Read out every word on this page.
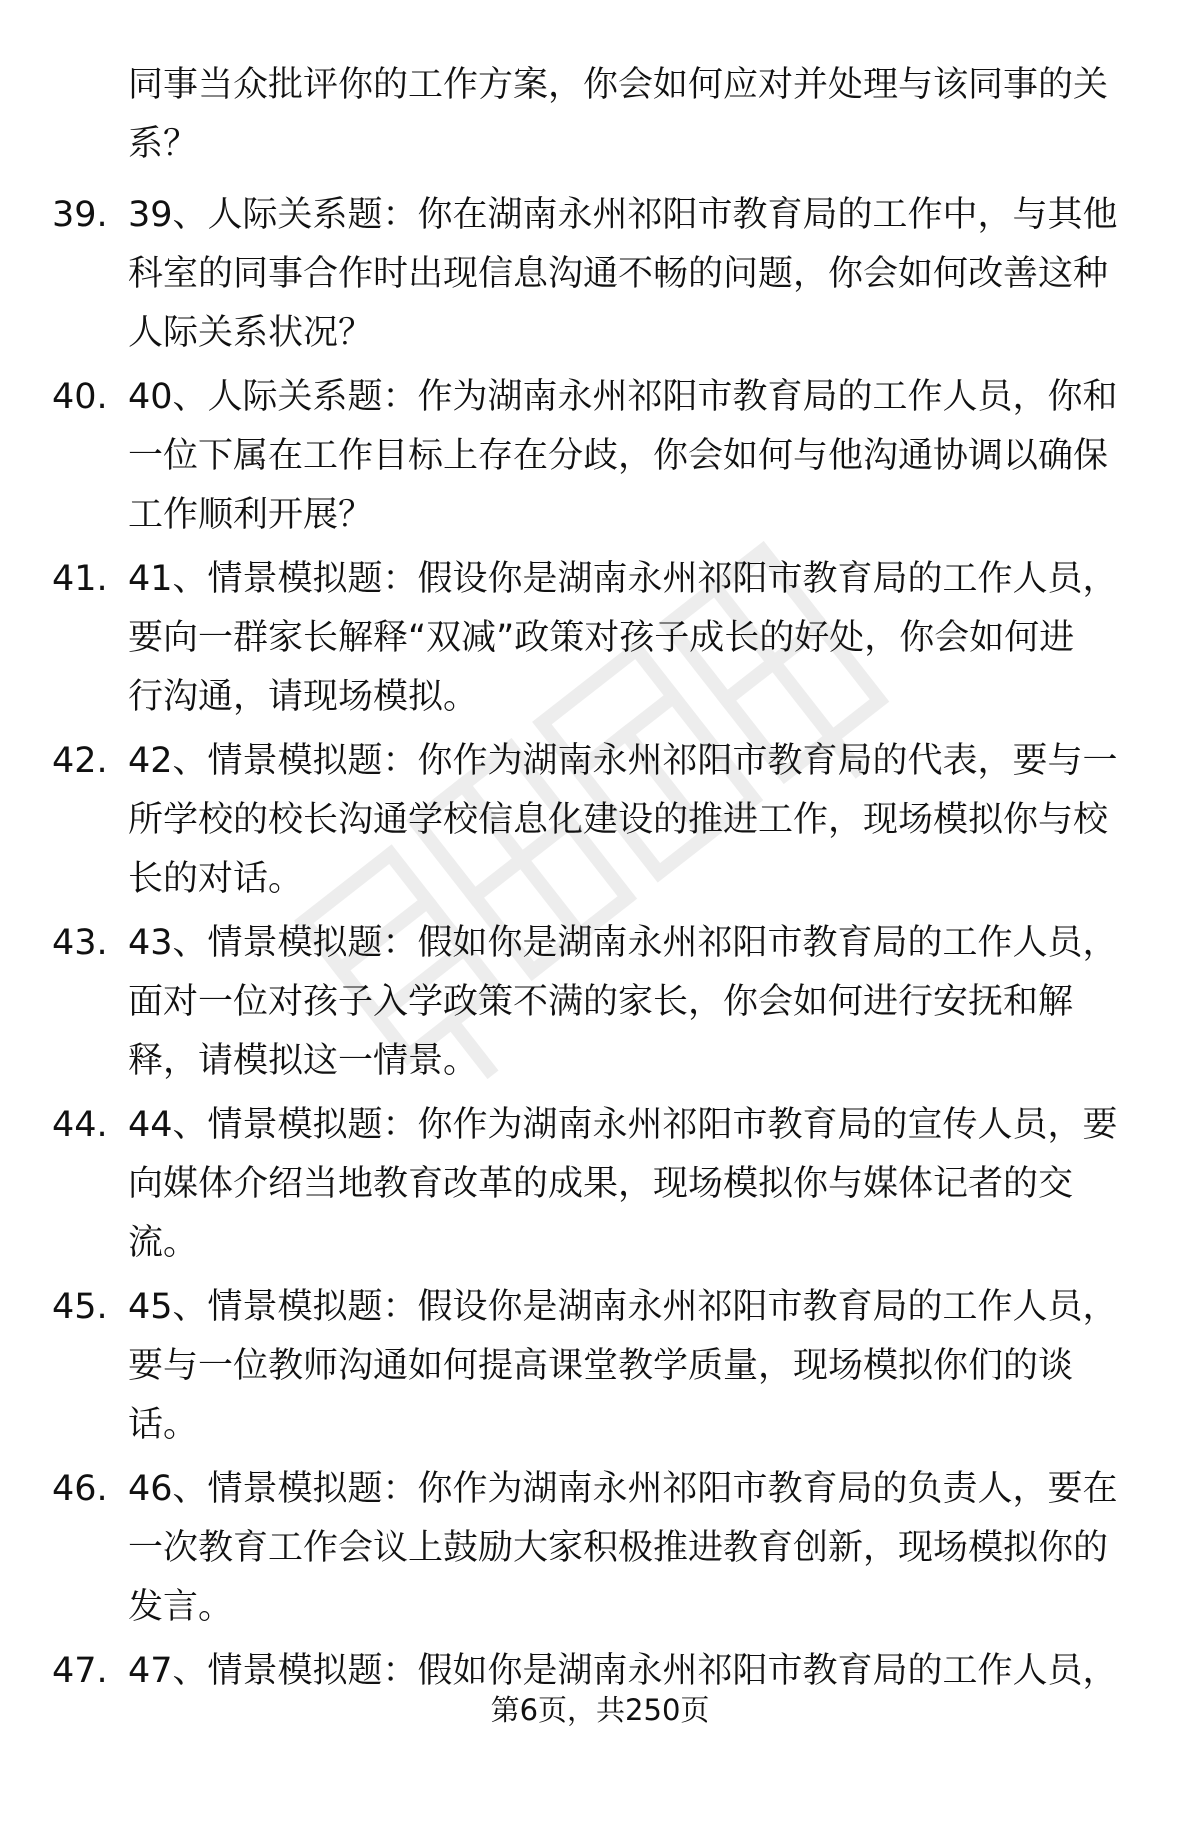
同事当众批评你的工作方案，你会如何应对并处理与该同事的关
系？
39. 39、人际关系题：你在湖南永州祁阳市教育局的工作中，与其他
科室的同事合作时出现信息沟通不畅的问题，你会如何改善这种
人际关系状况？
40. 40、人际关系题：作为湖南永州祁阳市教育局的工作人员，你和
一位下属在工作目标上存在分歧，你会如何与他沟通协调以确保
工作顺利开展？
41. 41、情景模拟题：假设你是湖南永州祁阳市教育局的工作人员，
要向一群家长解释“双减”政策对孩子成长的好处，你会如何进
行沟通，请现场模拟。
42. 42、情景模拟题：你作为湖南永州祁阳市教育局的代表，要与一
所学校的校长沟通学校信息化建设的推进工作，现场模拟你与校
长的对话。
43. 43、情景模拟题：假如你是湖南永州祁阳市教育局的工作人员，
面对一位对孩子入学政策不满的家长，你会如何进行安抚和解
释，请模拟这一情景。
44. 44、情景模拟题：你作为湖南永州祁阳市教育局的宣传人员，要
向媒体介绍当地教育改革的成果，现场模拟你与媒体记者的交
流。
45. 45、情景模拟题：假设你是湖南永州祁阳市教育局的工作人员，
要与一位教师沟通如何提高课堂教学质量，现场模拟你们的谈
话。
46. 46、情景模拟题：你作为湖南永州祁阳市教育局的负责人，要在
一次教育工作会议上鼓励大家积极推进教育创新，现场模拟你的
发言。
47. 47、情景模拟题：假如你是湖南永州祁阳市教育局的工作人员，
第6页，共250页
